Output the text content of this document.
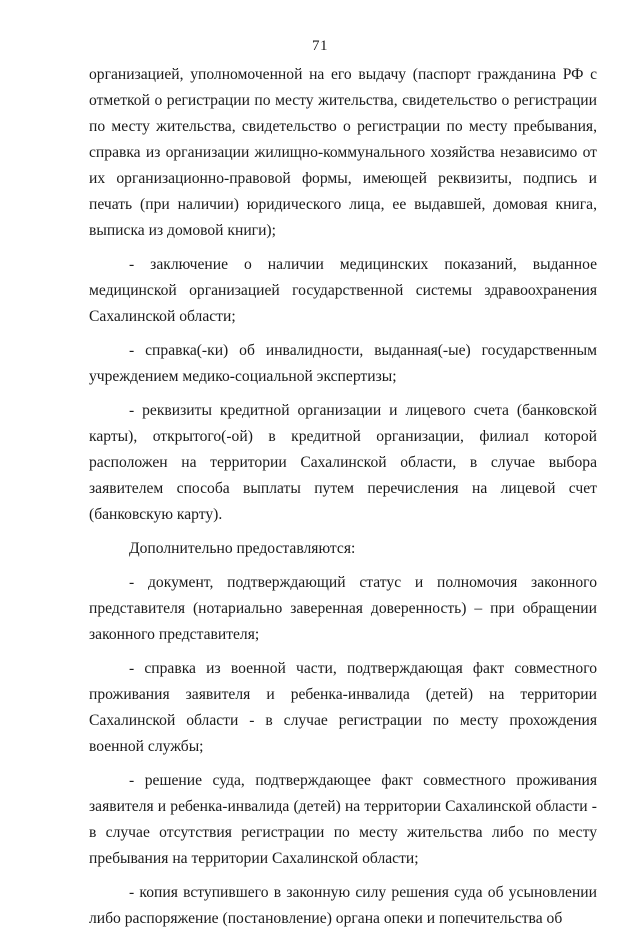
71

организацией, уполномоченной на его выдачу (паспорт гражданина РФ с отметкой о регистрации по месту жительства, свидетельство о регистрации по месту жительства, свидетельство о регистрации по месту пребывания, справка из организации жилищно-коммунального хозяйства независимо от их организационно-правовой формы, имеющей реквизиты, подпись и печать (при наличии) юридического лица, ее выдавшей, домовая книга, выписка из домовой книги);

- заключение о наличии медицинских показаний, выданное медицинской организацией государственной системы здравоохранения Сахалинской области;

- справка(-ки) об инвалидности, выданная(-ые) государственным учреждением медико-социальной экспертизы;

- реквизиты кредитной организации и лицевого счета (банковской карты), открытого(-ой) в кредитной организации, филиал которой расположен на территории Сахалинской области, в случае выбора заявителем способа выплаты путем перечисления на лицевой счет (банковскую карту).

Дополнительно предоставляются:

- документ, подтверждающий статус и полномочия законного представителя (нотариально заверенная доверенность) – при обращении законного представителя;

- справка из военной части, подтверждающая факт совместного проживания заявителя и ребенка-инвалида (детей) на территории Сахалинской области - в случае регистрации по месту прохождения военной службы;

- решение суда, подтверждающее факт совместного проживания заявителя и ребенка-инвалида (детей) на территории Сахалинской области - в случае отсутствия регистрации по месту жительства либо по месту пребывания на территории Сахалинской области;

- копия вступившего в законную силу решения суда об усыновлении либо распоряжение (постановление) органа опеки и попечительства об
